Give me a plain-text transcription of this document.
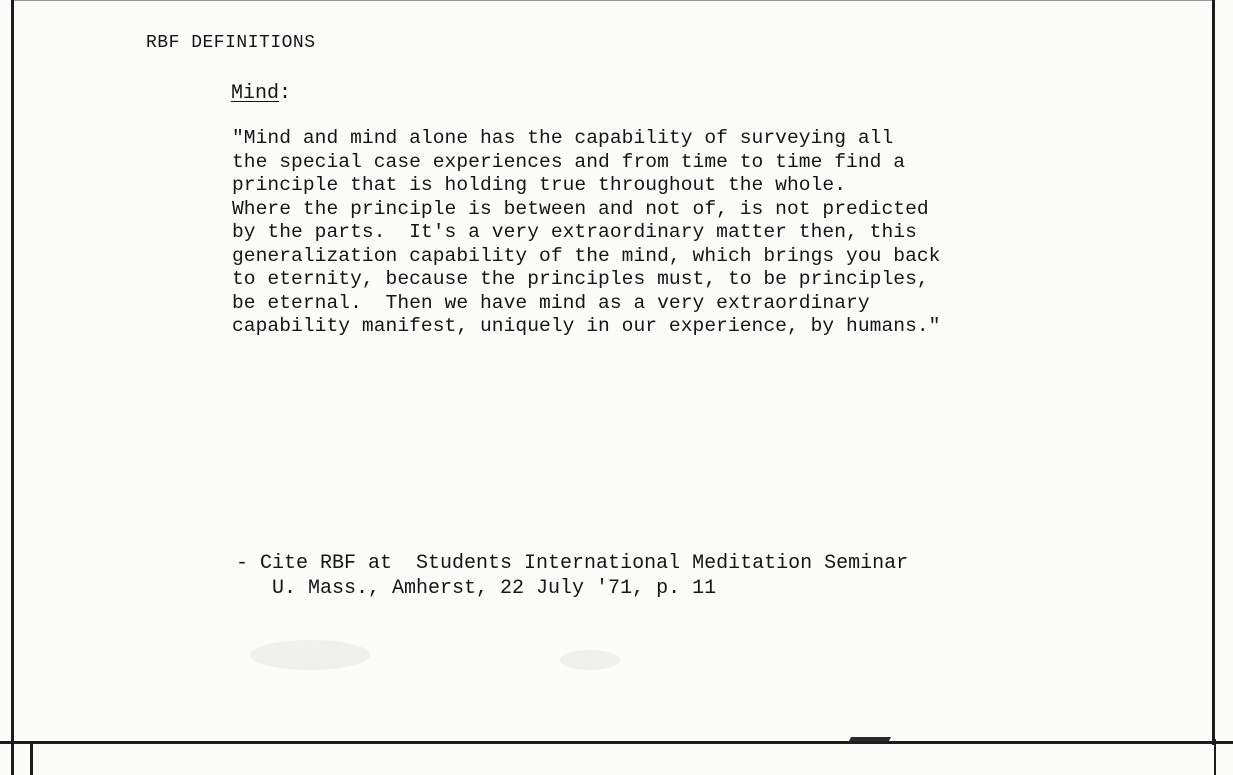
RBF DEFINITIONS
Mind:
"Mind and mind alone has the capability of surveying all
the special case experiences and from time to time find a
principle that is holding true throughout the whole.
Where the principle is between and not of, is not predicted
by the parts.  It's a very extraordinary matter then, this
generalization capability of the mind, which brings you back
to eternity, because the principles must, to be principles,
be eternal.  Then we have mind as a very extraordinary
capability manifest, uniquely in our experience, by humans."
- Cite RBF at  Students International Meditation Seminar
U. Mass., Amherst, 22 July '71, p. 11
